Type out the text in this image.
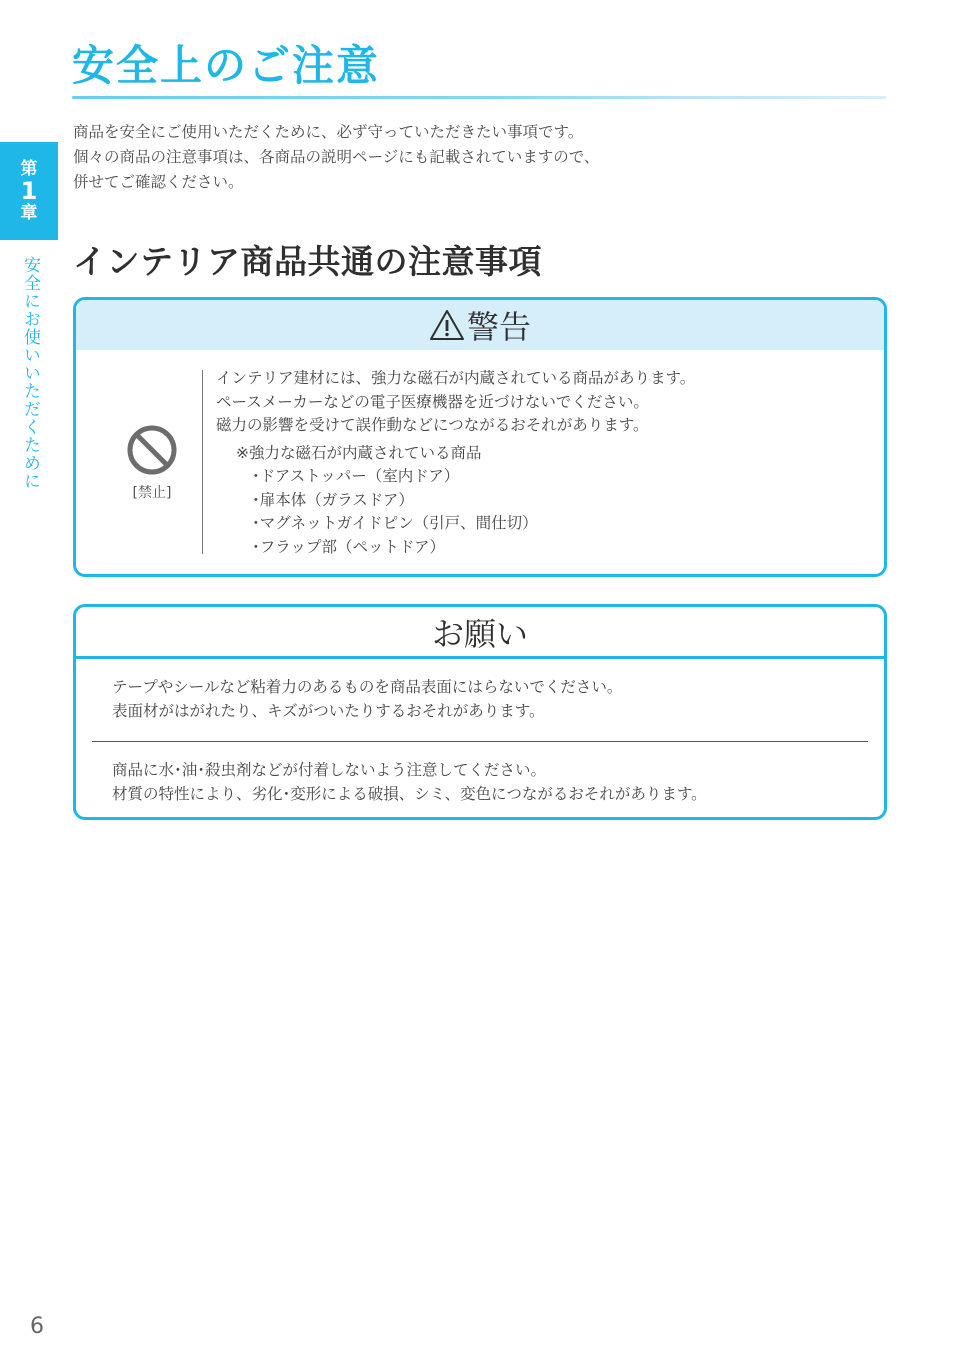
安全上のご注意

商品を安全にご使用いただくために、必ず守っていただきたい事項です。

個々の商品の注意事項は、各商品の説明ページにも記載されていますので、

併せてご確認ください。

第
1
章
安全にお使いいただくために インテリア商品共通の注意事項
警告
[禁止]

インテリア建材には、強力な磁石が内蔵されている商品があります。

ペースメーカーなどの電子医療機器を近づけないでください。

磁力の影響を受けて誤作動などにつながるおそれがあります。

※強力な磁石が内蔵されている商品

･ドアストッパー（室内ドア）

･扉本体（ガラスドア）

･マグネットガイドピン（引戸、間仕切）

･フラップ部（ペットドア）

お願い

テープやシールなど粘着力のあるものを商品表面にはらないでください。

表面材がはがれたり、キズがついたりするおそれがあります。

商品に水･油･殺虫剤などが付着しないよう注意してください。

材質の特性により、劣化･変形による破損、シミ、変色につながるおそれがあります。

6
